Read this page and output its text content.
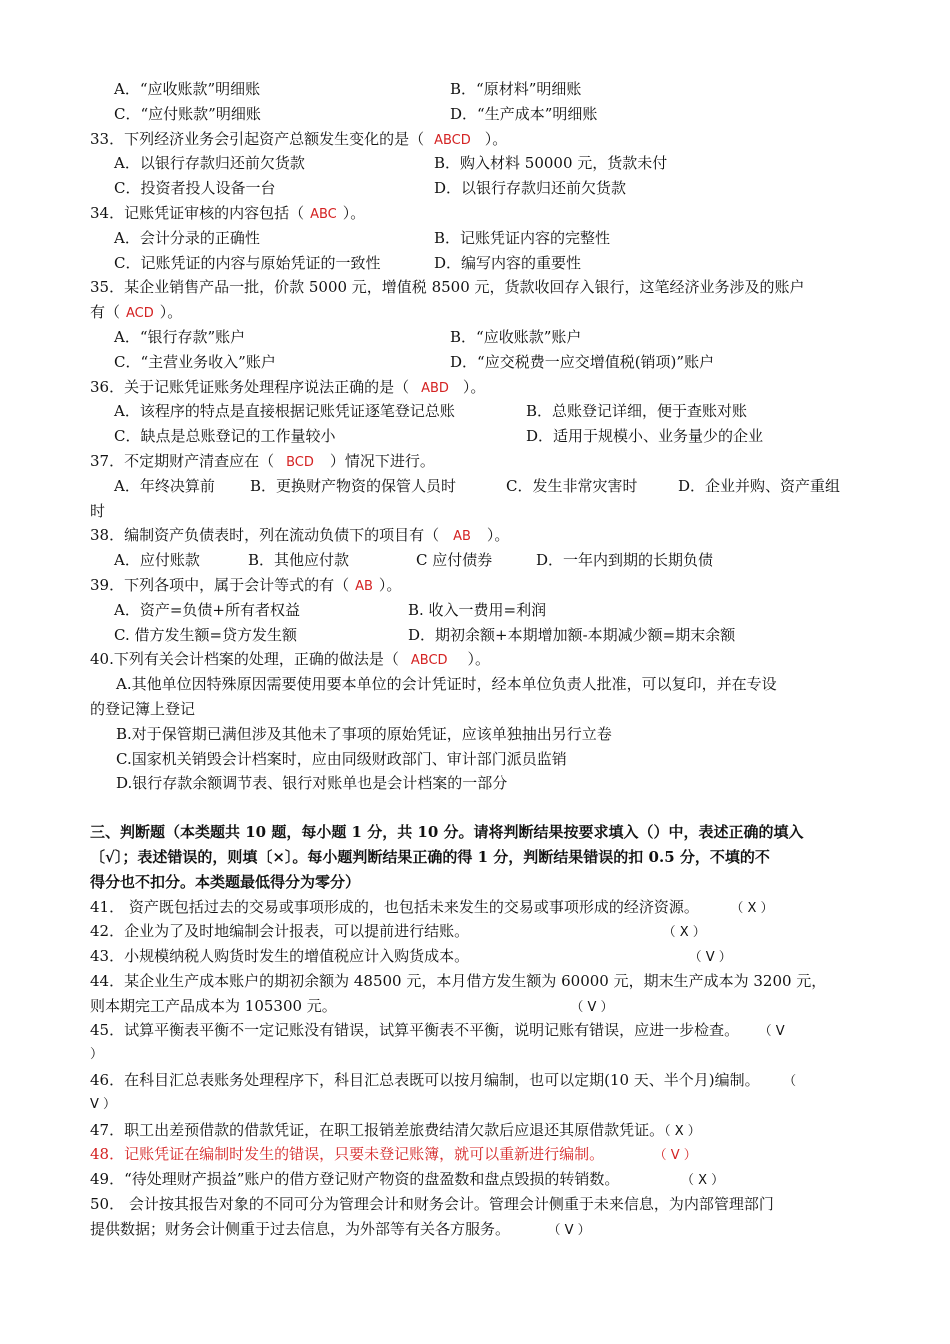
A．“应收账款”明细账	B．“原材料”明细账
C．“应付账款”明细账	D．“生产成本”明细账
33．下列经济业务会引起资产总额发生变化的是（ ABCD ）。
A．以银行存款归还前欠货款	B．购入材料 50000 元，货款未付
C．投资者投人设备一台	D．以银行存款归还前欠货款
34．记账凭证审核的内容包括（ ABC ）。
A．会计分录的正确性	B．记账凭证内容的完整性
C．记账凭证的内容与原始凭证的一致性	D．编写内容的重要性
35．某企业销售产品一批，价款 5000 元，增值税 8500 元，货款收回存入银行，这笔经济业务涉及的账户
有（ ACD ）。
A．“银行存款”账户	B．“应收账款”账户
C．“主营业务收入”账户	D．“应交税费一应交增值税(销项)”账户
36．关于记账凭证账务处理程序说法正确的是（ ABD ）。
A．该程序的特点是直接根据记账凭证逐笔登记总账	B．总账登记详细，便于查账对账
C．缺点是总账登记的工作量较小	D．适用于规模小、业务量少的企业
37．不定期财产清查应在（ BCD ）情况下进行。
A．年终决算前 B．更换财产物资的保管人员时	C．发生非常灾害时	D．企业并购、资产重组
时
38．编制资产负债表时，列在流动负债下的项目有（ AB ）。
A．应付账款	B．其他应付款	C 应付债券	D．一年内到期的长期负债
39．下列各项中，属于会计等式的有（ AB ）。
A．资产=负债+所有者权益	B. 收入一费用=利润
C. 借方发生额=贷方发生额	D．期初余额+本期增加额-本期减少额=期末余额
40.下列有关会计档案的处理，正确的做法是（ ABCD ）。
A.其他单位因特殊原因需要使用要本单位的会计凭证时，经本单位负责人批准，可以复印，并在专设
的登记簿上登记
B.对于保管期已满但涉及其他未了事项的原始凭证，应该单独抽出另行立卷
C.国家机关销毁会计档案时，应由同级财政部门、审计部门派员监销
D.银行存款余额调节表、银行对账单也是会计档案的一部分
三、判断题（本类题共 10 题，每小题 1 分，共 10 分。请将判断结果按要求填入（）中，表述正确的填入
〔√〕；表述错误的，则填〔×〕。每小题判断结果正确的得 1 分，判断结果错误的扣 0.5 分，不填的不
得分也不扣分。本类题最低得分为零分）
41． 资产既包括过去的交易或事项形成的，也包括未来发生的交易或事项形成的经济资源。	（ X ）
42．企业为了及时地编制会计报表，可以提前进行结账。	（ X ）
43．小规模纳税人购货时发生的增值税应计入购货成本。	（ V ）
44．某企业生产成本账户的期初余额为 48500 元，本月借方发生额为 60000 元，期末生产成本为 3200 元，
则本期完工产品成本为 105300 元。	（ V ）
45．试算平衡表平衡不一定记账没有错误，试算平衡表不平衡，说明记账有错误，应进一步检查。 （ V
）
46．在科目汇总表账务处理程序下，科目汇总表既可以按月编制，也可以定期(10 天、半个月)编制。 （
V ）
47．职工出差预借款的借款凭证，在职工报销差旅费结清欠款后应退还其原借款凭证。（ X ）
48．记账凭证在编制时发生的错误，只要未登记账簿，就可以重新进行编制。	（ V ）
49．“待处理财产损益”账户的借方登记财产物资的盘盈数和盘点毁损的转销数。	（ X ）
50． 会计按其报告对象的不同可分为管理会计和财务会计。管理会计侧重于未来信息，为内部管理部门
提供数据；财务会计侧重于过去信息，为外部等有关各方服务。	（ V ）
